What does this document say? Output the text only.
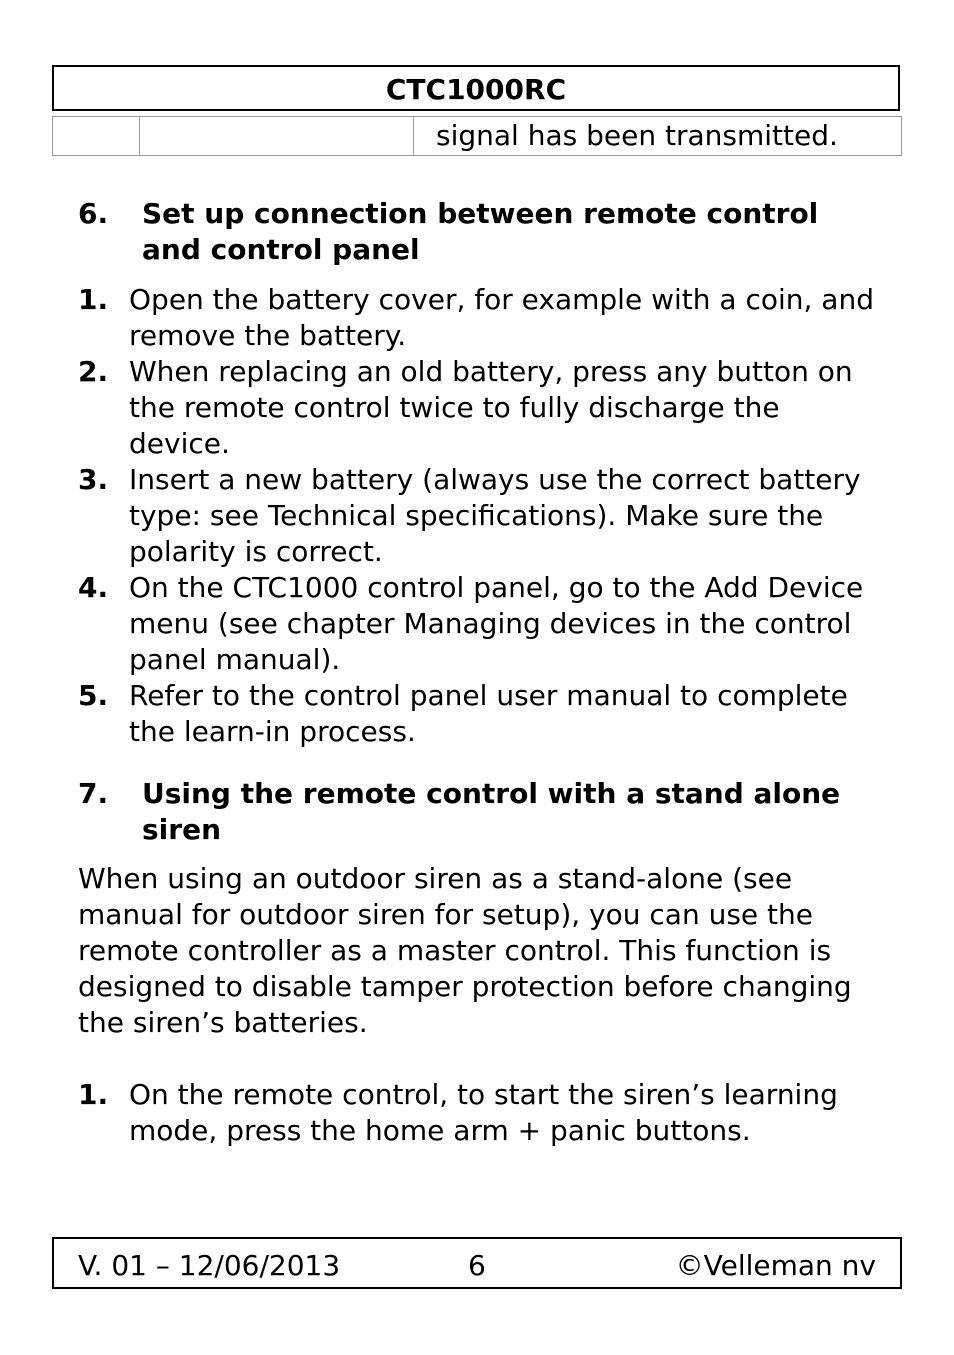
CTC1000RC
signal has been transmitted.
6.	Set up connection between remote control and control panel
1. Open the battery cover, for example with a coin, and remove the battery.
2. When replacing an old battery, press any button on the remote control twice to fully discharge the device.
3. Insert a new battery (always use the correct battery type: see Technical specifications). Make sure the polarity is correct.
4. On the CTC1000 control panel, go to the Add Device menu (see chapter Managing devices in the control panel manual).
5. Refer to the control panel user manual to complete the learn-in process.
7.	Using the remote control with a stand alone siren

When using an outdoor siren as a stand-alone (see manual for outdoor siren for setup), you can use the remote controller as a master control. This function is designed to disable tamper protection before changing the siren’s batteries.

1. On the remote control, to start the siren’s learning mode, press the home arm + panic buttons.
V. 01 – 12/06/2013	6	©Velleman nv
